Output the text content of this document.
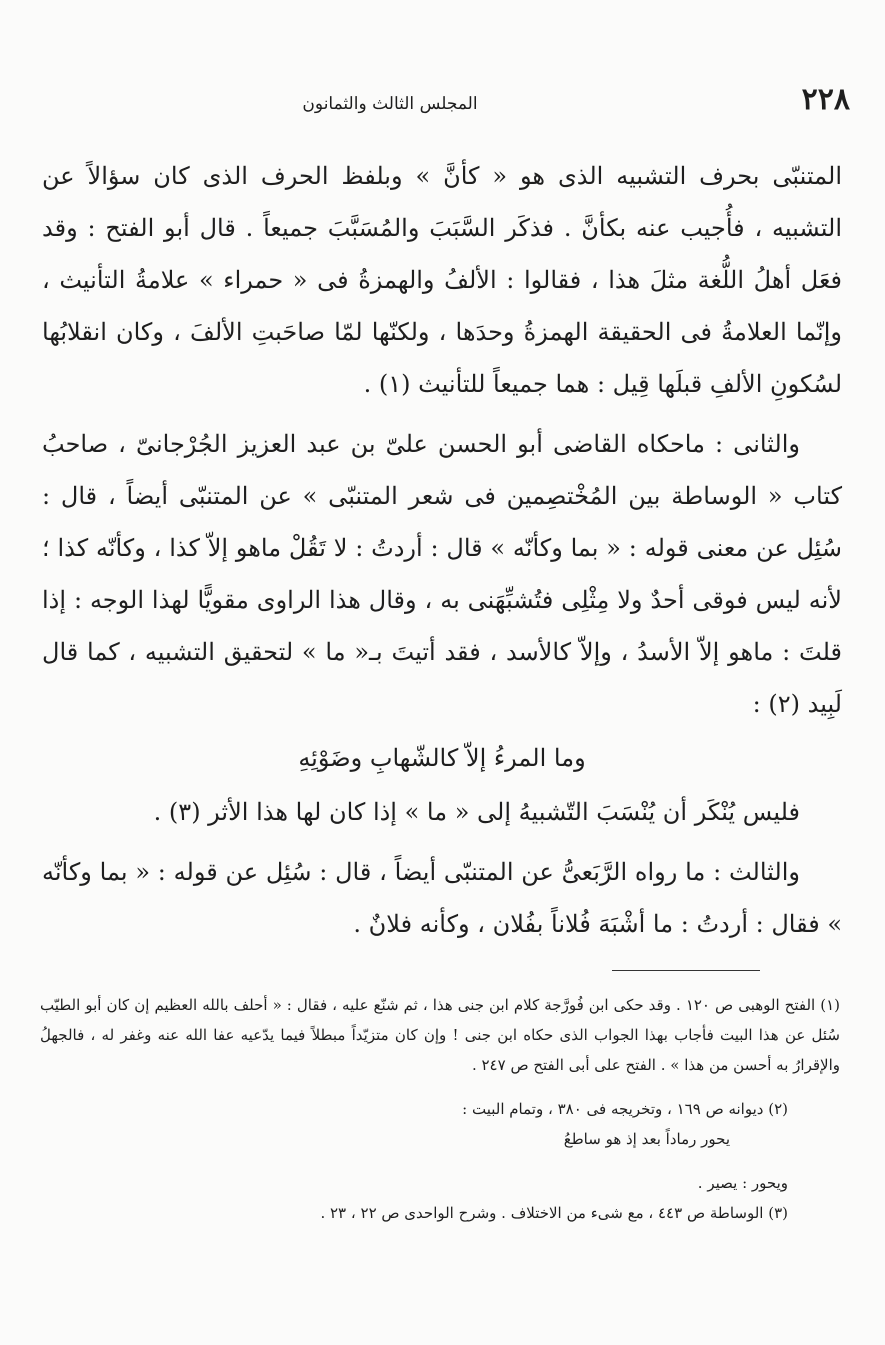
٢٢٨
المجلس الثالث والثمانون

المتنبّى بحرف التشبيه الذى هو « كأنَّ » وبلفظ الحرف الذى كان سؤالاً عن التشبيه ، فأُجيب عنه بكأنَّ . فذكَر السَّبَبَ والمُسَبَّبَ جميعاً . قال أبو الفتح : وقد فعَل أهلُ اللُّغة مثلَ هذا ، فقالوا : الألفُ والهمزةُ فى « حمراء » علامةُ التأنيث ، وإنّما العلامةُ فى الحقيقة الهمزةُ وحدَها ، ولكنّها لمّا صاحَبتِ الألفَ ، وكان انقلابُها لسُكونِ الألفِ قبلَها قِيل : هما جميعاً للتأنيث (١) .

والثانى : ماحكاه القاضى أبو الحسن علىّ بن عبد العزيز الجُرْجانىّ ، صاحبُ كتاب « الوساطة بين المُخْتصِمين فى شعر المتنبّى » عن المتنبّى أيضاً ، قال : سُئِل عن معنى قوله : « بما وكأنّه » قال : أردتُ : لا تَقُلْ ماهو إلاّ كذا ، وكأنّه كذا ؛ لأنه ليس فوقى أحدٌ ولا مِثْلِى فتُشبِّهَنى به ، وقال هذا الراوى مقويًّا لهذا الوجه : إذا قلتَ : ماهو إلاّ الأسدُ ، وإلاّ كالأسد ، فقد أتيتَ بـ« ما » لتحقيق التشبيه ، كما قال لَبِيد (٢) :

وما المرءُ إلاّ كالشّهابِ وضَوْئِهِ

فليس يُنْكَر أن يُنْسَبَ التّشبيهُ إلى « ما » إذا كان لها هذا الأثر (٣) .

والثالث : ما رواه الرَّبَعىُّ عن المتنبّى أيضاً ، قال : سُئِل عن قوله : « بما وكأنّه » فقال : أردتُ : ما أشْبَهَ فُلاناً بفُلان ، وكأنه فلانٌ .

(١) الفتح الوهبى ص ١٢٠ . وقد حكى ابن فُورَّجة كلام ابن جنى هذا ، ثم شنّع عليه ، فقال : « أحلف بالله العظيم إن كان أبو الطيّب سُئل عن هذا البيت فأجاب بهذا الجواب الذى حكاه ابن جنى ! وإن كان متزيّداً مبطلاً فيما يدّعيه عفا الله عنه وغفر له ، فالجهلُ والإقرارُ به أحسن من هذا » . الفتح على أبى الفتح ص ٢٤٧ .

(٢) ديوانه ص ١٦٩ ، وتخريجه فى ٣٨٠ ، وتمام البيت :

يحور رماداً بعد إذ هو ساطعُ

ويحور : يصير .

(٣) الوساطة ص ٤٤٣ ، مع شىء من الاختلاف . وشرح الواحدى ص ٢٢ ، ٢٣ .
